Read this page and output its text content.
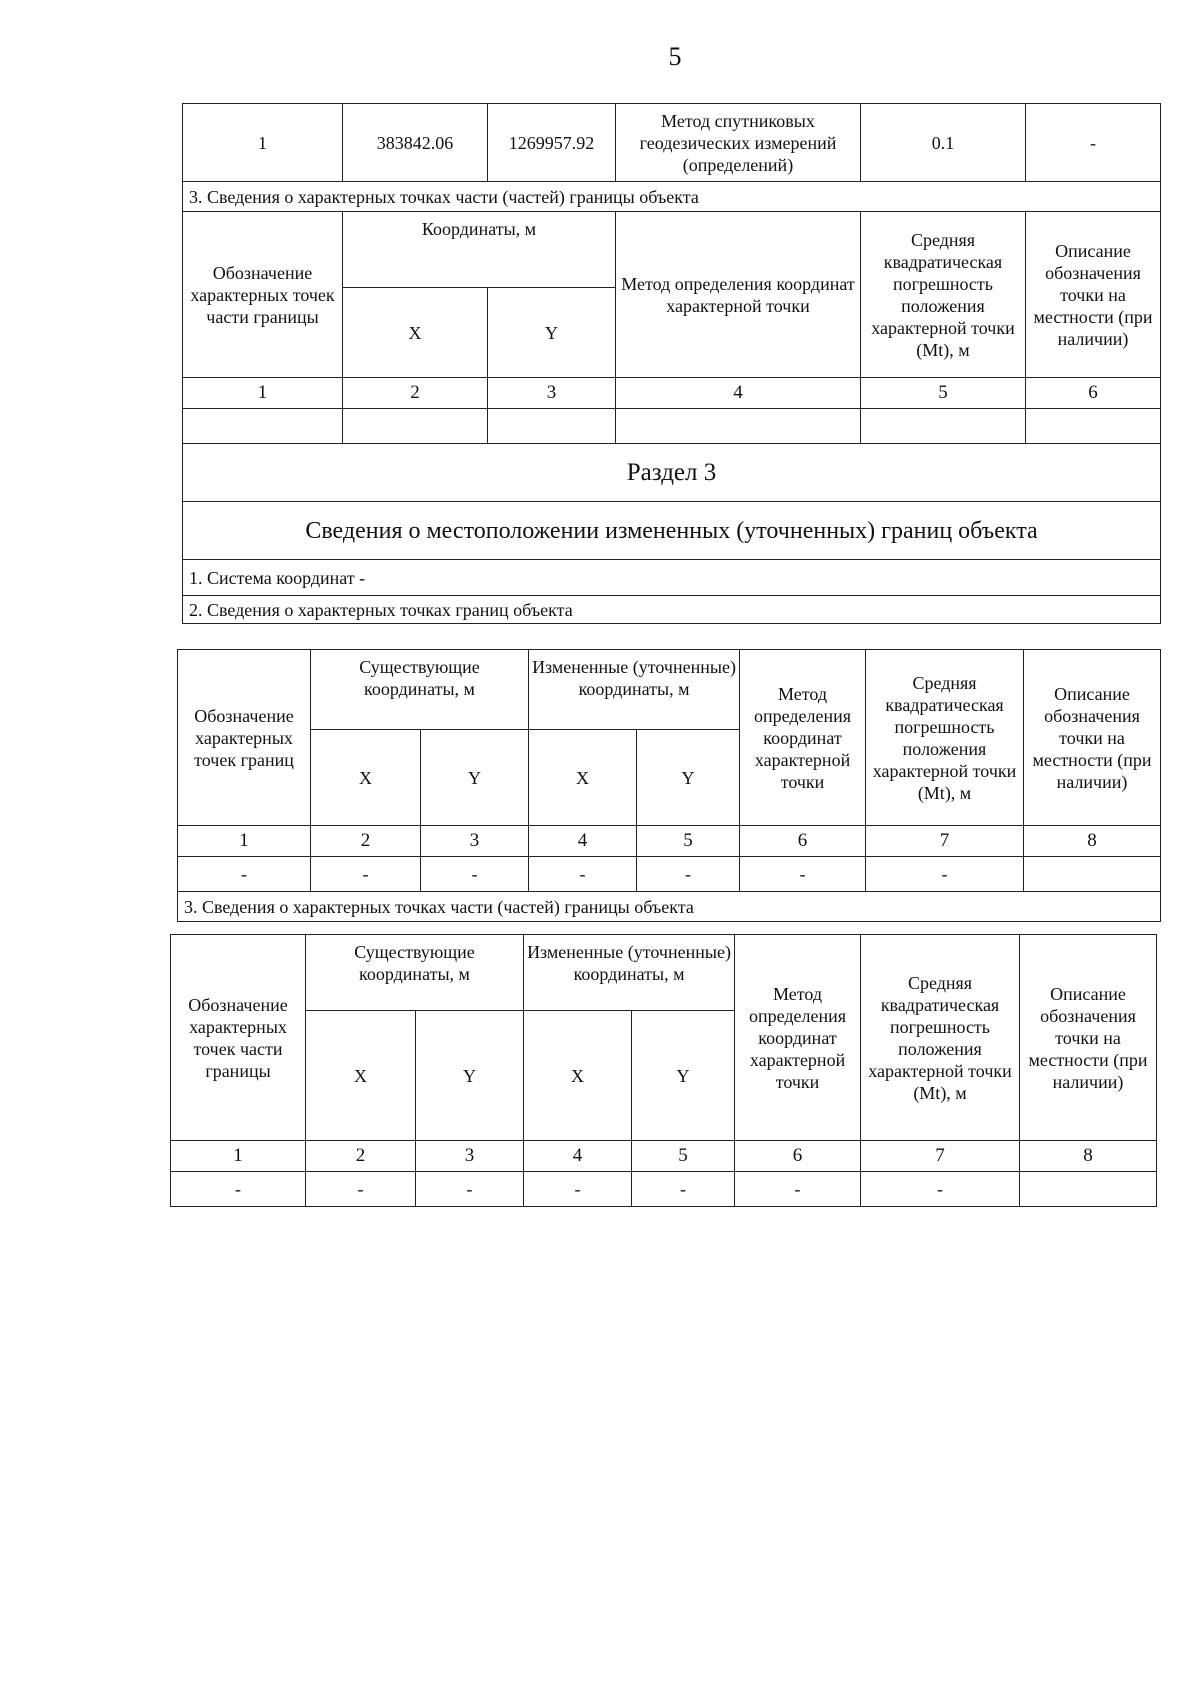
5
1	383842.06	1269957.92	Метод спутниковых геодезических измерений (определений)	0.1	-
3. Сведения о характерных точках части (частей) границы объекта					
Обозначение характерных точек части границы	Координаты, м		Метод определения координат характерной точки	Средняя квадратическая погрешность положения характерной точки (Mt), м	Описание обозначения точки на местности (при наличии)
	X	Y			
1	2	3	4	5	6

Раздел 3					
Сведения о местоположении измененных (уточненных) границ объекта					
1. Система координат -					
2. Сведения о характерных точках границ объекта					
Обозначение характерных точек границ	Существующие координаты, м		Измененные (уточненные) координаты, м		Метод определения координат характерной точки	Средняя квадратическая погрешность положения характерной точки (Mt), м	Описание обозначения точки на местности (при наличии)
	X	Y	X	Y			
1	2	3	4	5	6	7	8
-	-	-	-	-	-	-	
3. Сведения о характерных точках части (частей) границы объекта							
Обозначение характерных точек части границы	Существующие координаты, м		Измененные (уточненные) координаты, м		Метод определения координат характерной точки	Средняя квадратическая погрешность положения характерной точки (Mt), м	Описание обозначения точки на местности (при наличии)
	X	Y	X	Y			
1	2	3	4	5	6	7	8
-	-	-	-	-	-	-	
